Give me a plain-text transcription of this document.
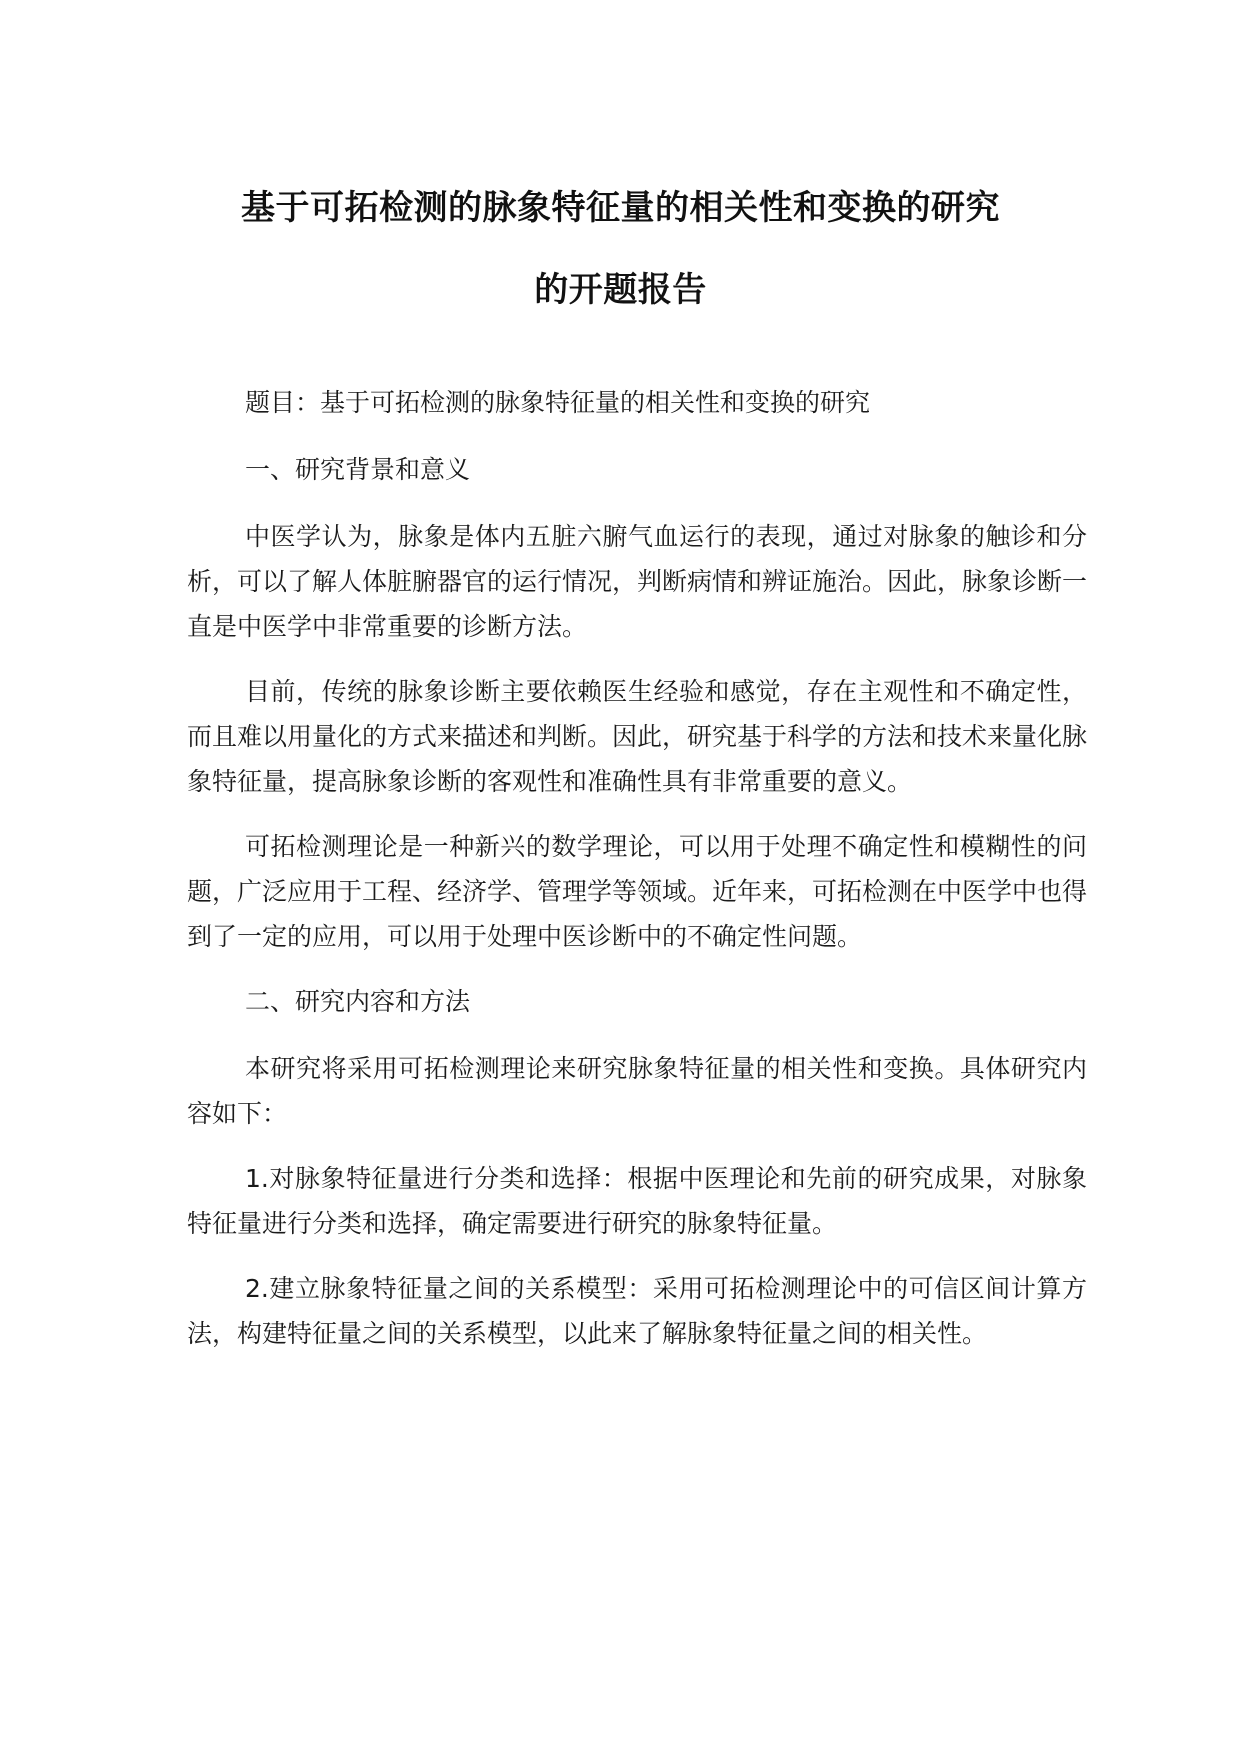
基于可拓检测的脉象特征量的相关性和变换的研究
的开题报告

题目：基于可拓检测的脉象特征量的相关性和变换的研究

一、研究背景和意义

中医学认为，脉象是体内五脏六腑气血运行的表现，通过对脉象的触诊和分析，可以了解人体脏腑器官的运行情况，判断病情和辨证施治。因此，脉象诊断一直是中医学中非常重要的诊断方法。

目前，传统的脉象诊断主要依赖医生经验和感觉，存在主观性和不确定性，而且难以用量化的方式来描述和判断。因此，研究基于科学的方法和技术来量化脉象特征量，提高脉象诊断的客观性和准确性具有非常重要的意义。

可拓检测理论是一种新兴的数学理论，可以用于处理不确定性和模糊性的问题，广泛应用于工程、经济学、管理学等领域。近年来，可拓检测在中医学中也得到了一定的应用，可以用于处理中医诊断中的不确定性问题。

二、研究内容和方法

本研究将采用可拓检测理论来研究脉象特征量的相关性和变换。具体研究内容如下：

1.对脉象特征量进行分类和选择：根据中医理论和先前的研究成果，对脉象特征量进行分类和选择，确定需要进行研究的脉象特征量。

2.建立脉象特征量之间的关系模型：采用可拓检测理论中的可信区间计算方法，构建特征量之间的关系模型，以此来了解脉象特征量之间的相关性。
